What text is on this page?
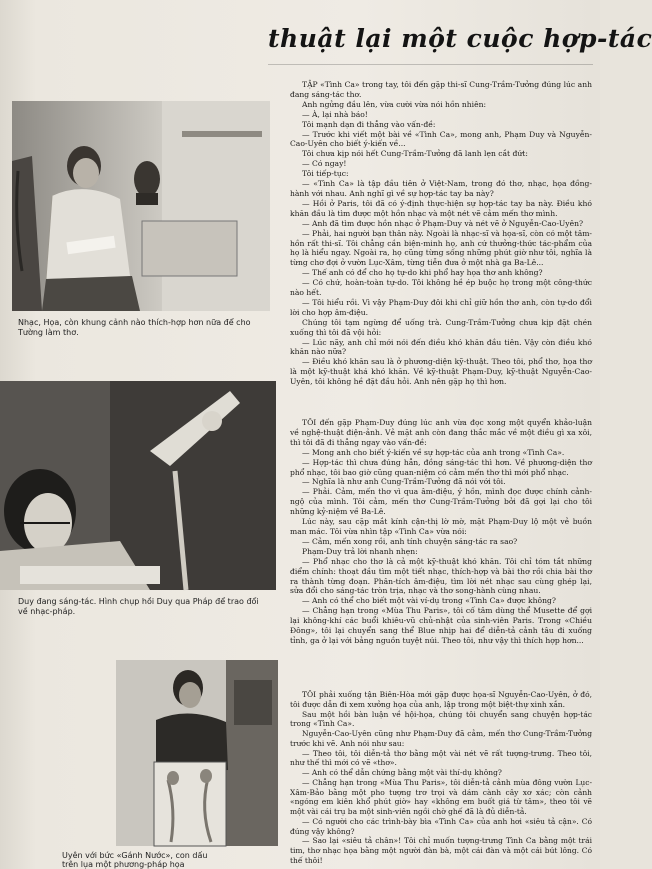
thuật lại một cuộc hợp-tác
Nhạc, Họa, còn khung cảnh nào thích-hợp hơn nữa để cho Tường làm thơ.
Duy đang sáng-tác. Hình chụp hồi Duy qua Pháp để trao đổi về nhạc-pháp.
Uyên với bức «Gánh Nước», con dấu trên lụa một phương-pháp họa

TẬP «Tình Ca» trong tay, tôi đến gặp thi-sĩ Cung-Trầm-Tưởng đúng lúc anh đang sáng-tác thơ.

Anh ngửng đầu lên, vừa cười vừa nói hồn nhiên:

— À, lại nhà báo!

Tôi mạnh dạn đi thẳng vào vấn-đề:

— Trước khi viết một bài về «Tình Ca», mong anh, Phạm Duy và Nguyễn-Cao-Uyên cho biết ý-kiến về...

Tôi chưa kịp nói hết Cung-Trầm-Tưởng đã lanh lẹn cắt đứt:

— Có ngay!

Tôi tiếp-tục:

— «Tình Ca» là tập đầu tiên ở Việt-Nam, trong đó thơ, nhạc, họa đồng-hành với nhau. Anh nghĩ gì về sự hợp-tác tay ba này?

— Hồi ở Paris, tôi đã có ý-định thực-hiện sự hợp-tác tay ba này. Điều khó khăn đầu là tìm được một hồn nhạc và một nét vẽ cảm mến thơ mình.

— Anh đã tìm được hồn nhạc ở Phạm-Duy và nét vẽ ở Nguyễn-Cao-Uyên?

— Phải, hai người bạn thân này. Ngoài là nhạc-sĩ và họa-sĩ, còn có một tâm-hồn rất thi-sĩ. Tôi chẳng cần biện-minh họ, anh cứ thưởng-thức tác-phẩm của họ là hiểu ngay. Ngoài ra, họ cũng từng sống những phút giờ như tôi, nghĩa là từng chơ đợi ở vườn Lục-Xâm, từng tiễn đưa ở một nhà ga Ba-Lê...

— Thế anh có để cho họ tự-do khi phổ hay họa thơ anh không?

— Có chứ, hoàn-toàn tự-do. Tôi không hề ép buộc họ trong một công-thức nào hết.

— Tôi hiểu rồi. Vì vậy Phạm-Duy đôi khi chỉ giữ hồn thơ anh, còn tự-do đổi lời cho hợp âm-điệu.

Chúng tôi tạm ngừng để uống trà. Cung-Trầm-Tưởng chưa kịp đặt chén xuống thì tôi đã vội hỏi:

— Lúc nãy, anh chỉ mới nói đến điều khó khăn đầu tiên. Vậy còn điều khó khăn nào nữa?

— Điều khó khăn sau là ở phương-diện kỹ-thuật. Theo tôi, phổ thơ, họa thơ là một kỹ-thuật khá khó khăn. Về kỹ-thuật Phạm-Duy, kỹ-thuật Nguyễn-Cao-Uyên, tôi không hề đặt đầu hỏi. Anh nên gặp họ thì hơn.

TÔI đến gặp Phạm-Duy đúng lúc anh vừa đọc xong một quyển khảo-luận về nghệ-thuật điện-ảnh. Vẻ mặt anh còn đang thắc mắc về một điều gì xa xôi, thì tôi đã đi thẳng ngay vào vấn-đề:

— Mong anh cho biết ý-kiến về sự hợp-tác của anh trong «Tình Ca».

— Hợp-tác thì chưa đúng hẳn, đồng sáng-tác thì hơn. Về phương-diện thơ phổ nhạc, tôi bao giờ cũng quan-niệm có cảm mến thơ thì mới phổ nhạc.

— Nghĩa là như anh Cung-Trầm-Tưởng đã nói với tôi.

— Phải. Cảm, mến thơ vì qua âm-điệu, ý hồn, mình đọc được chính cảnh-ngộ của mình. Tôi cảm, mến thơ Cung-Trầm-Tưởng bởi đã gợi lại cho tôi những kỷ-niệm về Ba-Lê.

Lúc này, sau cặp mắt kính cận-thị lờ mờ, mặt Phạm-Duy lộ một vẻ buồn man mác. Tôi vừa nhìn tập «Tình Ca» vừa nói:

— Cảm, mến xong rồi, anh tính chuyện sáng-tác ra sao?

Phạm-Duy trả lời nhanh nhẹn:

— Phổ nhạc cho thơ là cả một kỹ-thuật khó khăn. Tôi chỉ tóm tắt những điểm chính: thoạt đầu tìm một tiết nhạc, thích-hợp và bài thơ rồi chia bài thơ ra thành từng đoạn. Phân-tích âm-điệu, tìm lời nét nhạc sau cùng ghép lại, sửa đổi cho sáng-tác tròn trịa, nhạc và thơ song-hành cùng nhau.

— Anh có thể cho biết một vài ví-dụ trong «Tình Ca» được không?

— Chẳng hạn trong «Mùa Thu Paris», tôi cố tâm dùng thể Musette để gợi lại không-khí các buổi khiêu-vũ chủ-nhật của sinh-viên Paris. Trong «Chiều Đông», tôi lại chuyển sang thể Blue nhịp hai để diễn-tả cảnh tâu đi xuống tỉnh, ga ở lại với bảng nguồn tuyệt núi. Theo tôi, như vậy thì thích hợp hơn...

TÔI phải xuống tận Biên-Hòa mới gặp được họa-sĩ Nguyễn-Cao-Uyên, ở đó, tôi được dẫn đi xem xưởng họa của anh, lập trong một biệt-thự xinh xắn.

Sau một hồi bàn luận về hội-họa, chúng tôi chuyển sang chuyện hợp-tác trong «Tình Ca».

Nguyễn-Cao-Uyên cũng như Phạm-Duy đã cảm, mến thơ Cung-Trầm-Tưởng trước khi vẽ. Anh nói như sau:

— Theo tôi, tôi diễn-tả thơ bằng một vài nét vẽ rất tượng-trưng. Theo tôi, như thế thì mới có vẽ «thơ».

— Anh có thể dẫn chứng bằng một vài thí-dụ không?

— Chẳng hạn trong «Mùa Thu Paris», tôi diễn-tả cảnh mùa đông vườn Lục-Xâm-Bảo bằng một pho tượng trơ trọi và dám cành cây xơ xác; còn cảnh «ngóng em kiên khổ phút giờ» hay «không em buốt giá từ tâm», theo tôi vẽ một vài cái trụ ba một sinh-viên ngồi chờ ghế đã là đủ diễn-tả.

— Có người cho các trình-bày bìa «Tình Ca» của anh hơi «siêu tả cận». Có đúng vậy không?

— Sao lại «siêu tả chân»! Tôi chỉ muốn tượng-trưng Tình Ca bằng một trái tim, thơ nhạc họa bằng một người đàn bà, một cái đàn và một cái bút lông. Có thế thôi!
